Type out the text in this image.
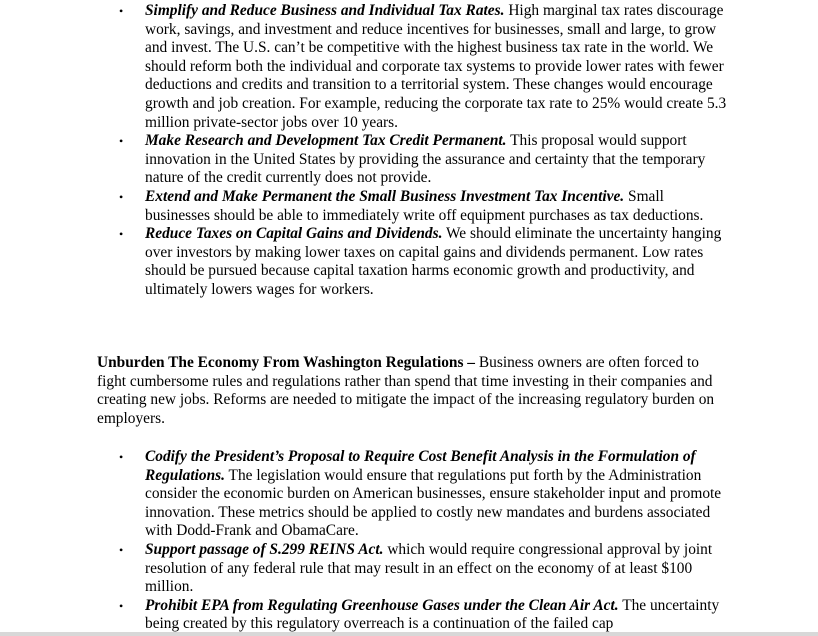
• Simplify and Reduce Business and Individual Tax Rates. High marginal tax rates discourage work, savings, and investment and reduce incentives for businesses, small and large, to grow and invest. The U.S. can’t be competitive with the highest business tax rate in the world. We should reform both the individual and corporate tax systems to provide lower rates with fewer deductions and credits and transition to a territorial system. These changes would encourage growth and job creation. For example, reducing the corporate tax rate to 25% would create 5.3 million private-sector jobs over 10 years.
• Make Research and Development Tax Credit Permanent. This proposal would support innovation in the United States by providing the assurance and certainty that the temporary nature of the credit currently does not provide.
• Extend and Make Permanent the Small Business Investment Tax Incentive. Small businesses should be able to immediately write off equipment purchases as tax deductions.
• Reduce Taxes on Capital Gains and Dividends. We should eliminate the uncertainty hanging over investors by making lower taxes on capital gains and dividends permanent. Low rates should be pursued because capital taxation harms economic growth and productivity, and ultimately lowers wages for workers.

Unburden The Economy From Washington Regulations – Business owners are often forced to fight cumbersome rules and regulations rather than spend that time investing in their companies and creating new jobs. Reforms are needed to mitigate the impact of the increasing regulatory burden on employers.

• Codify the President’s Proposal to Require Cost Benefit Analysis in the Formulation of Regulations. The legislation would ensure that regulations put forth by the Administration consider the economic burden on American businesses, ensure stakeholder input and promote innovation. These metrics should be applied to costly new mandates and burdens associated with Dodd-Frank and ObamaCare.
• Support passage of S.299 REINS Act. which would require congressional approval by joint resolution of any federal rule that may result in an effect on the economy of at least $100 million.
• Prohibit EPA from Regulating Greenhouse Gases under the Clean Air Act. The uncertainty being created by this regulatory overreach is a continuation of the failed cap
